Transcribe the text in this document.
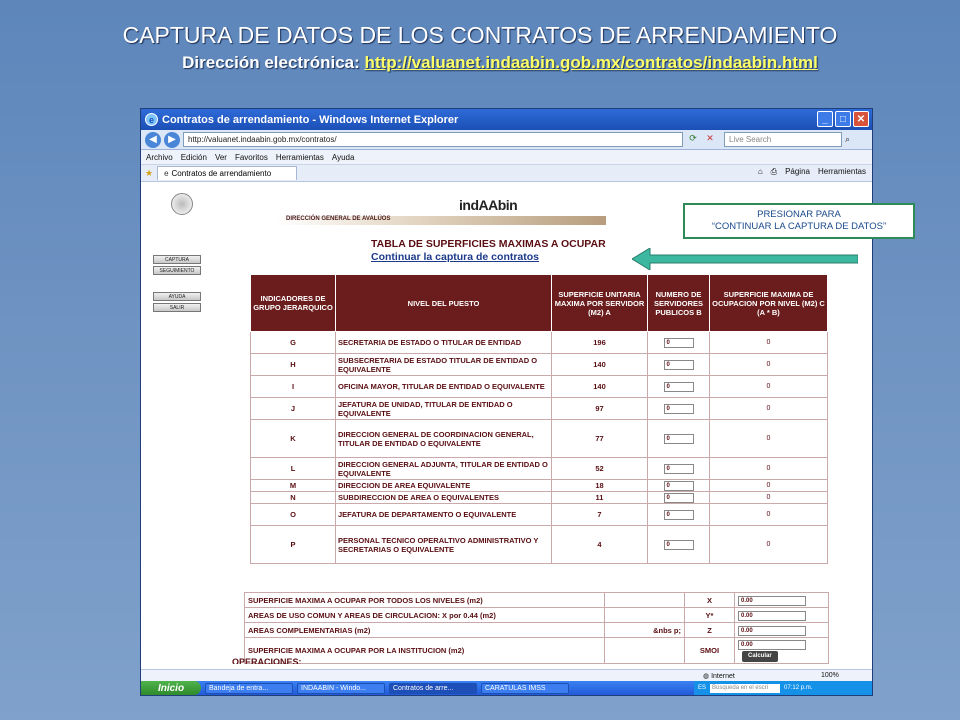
CAPTURA DE DATOS DE LOS CONTRATOS DE ARRENDAMIENTO
Dirección electrónica: http://valuanet.indaabin.gob.mx/contratos/indaabin.html
e Contratos de arrendamiento - Windows Internet Explorer	_	□	✕
◀	▶	http://valuanet.indaabin.gob.mx/contratos/	⟳	✕	Live Search	⌕
Archivo Edición Ver Favoritos Herramientas Ayuda
★ e Contratos de arrendamiento	⌂ ⎙ Página Herramientas
DIRECCIÓN GENERAL DE AVALÚOS
indAAbin
CAPTURA
SEGUIMIENTO
AYUDA
SALIR
TABLA DE SUPERFICIES MAXIMAS A OCUPAR
Continuar la captura de contratos
INDICADORES DE GRUPO JERARQUICO	NIVEL DEL PUESTO	SUPERFICIE UNITARIA MAXIMA POR SERVIDOR (M2) A	NUMERO DE SERVIDORES PUBLICOS B	SUPERFICIE MAXIMA DE OCUPACION POR NIVEL (M2) C (A * B)
G	SECRETARIA DE ESTADO O TITULAR DE ENTIDAD	196	0	0
H	SUBSECRETARIA DE ESTADO TITULAR DE ENTIDAD O EQUIVALENTE	140	0	0
I	OFICINA MAYOR, TITULAR DE ENTIDAD O EQUIVALENTE	140	0	0
J	JEFATURA DE UNIDAD, TITULAR DE ENTIDAD O EQUIVALENTE	97	0	0
K	DIRECCION GENERAL DE COORDINACION GENERAL, TITULAR DE ENTIDAD O EQUIVALENTE	77	0	0
L	DIRECCION GENERAL ADJUNTA, TITULAR DE ENTIDAD O EQUIVALENTE	52	0	0
M	DIRECCION DE AREA EQUIVALENTE	18	0	0
N	SUBDIRECCION DE AREA O EQUIVALENTES	11	0	0
O	JEFATURA DE DEPARTAMENTO O EQUIVALENTE	7	0	0
P	PERSONAL TECNICO OPERALTIVO ADMINISTRATIVO Y SECRETARIAS O EQUIVALENTE	4	0	0
SUPERFICIE MAXIMA A OCUPAR POR TODOS LOS NIVELES (m2)		X	0.00
AREAS DE USO COMUN Y AREAS DE CIRCULACION: X por 0.44 (m2)		Y*	0.00
AREAS COMPLEMENTARIAS (m2)	&nbs p;	Z	0.00
SUPERFICIE MAXIMA A OCUPAR POR LA INSTITUCION (m2)		SMOI	0.00Calcular
OPERACIONES:
◍ Internet	100%
Inicio	Bandeja de entra...	INDAABIN - Windo...	Contratos de arre...	CARATULAS IMSS	ES	Búsqueda en el escri	07:12 p.m.
PRESIONAR PARA
“CONTINUAR LA CAPTURA DE DATOS”
